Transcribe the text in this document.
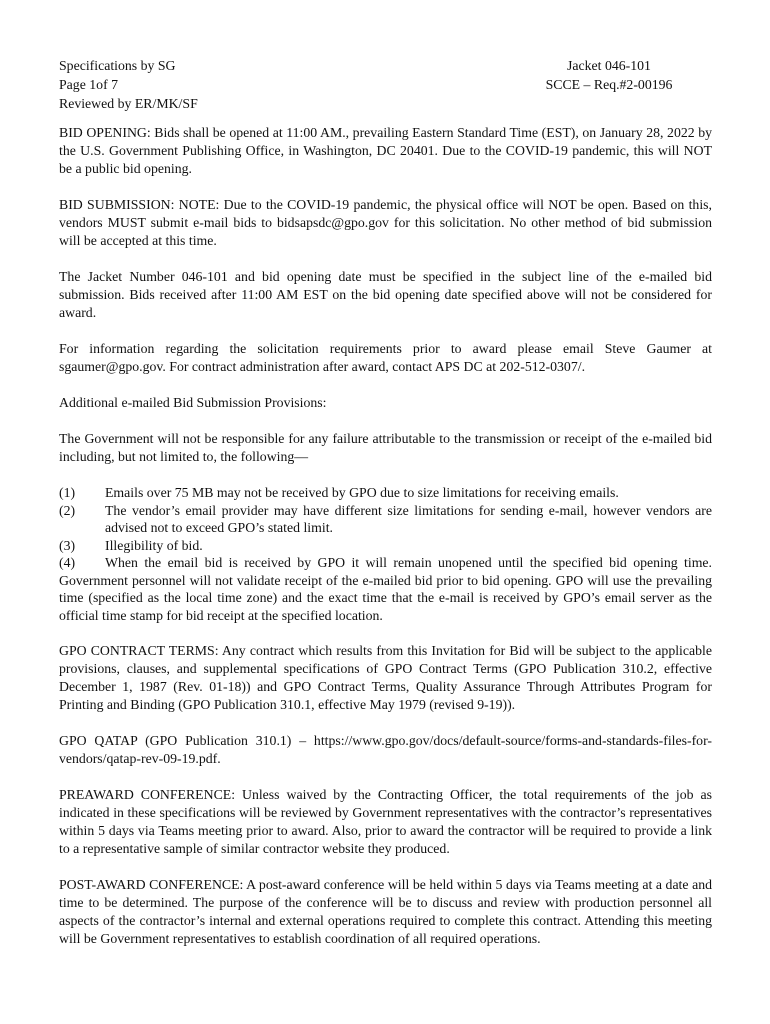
Specifications by SG
Page 1of 7
Reviewed by ER/MK/SF
Jacket 046-101
SCCE – Req.#2-00196

BID OPENING: Bids shall be opened at 11:00 AM., prevailing Eastern Standard Time (EST), on January 28, 2022 by the U.S. Government Publishing Office, in Washington, DC 20401. Due to the COVID-19 pandemic, this will NOT be a public bid opening.

BID SUBMISSION: NOTE: Due to the COVID-19 pandemic, the physical office will NOT be open. Based on this, vendors MUST submit e-mail bids to bidsapsdc@gpo.gov for this solicitation. No other method of bid submission will be accepted at this time.

The Jacket Number 046-101 and bid opening date must be specified in the subject line of the e-mailed bid submission. Bids received after 11:00 AM EST on the bid opening date specified above will not be considered for award.

For information regarding the solicitation requirements prior to award please email Steve Gaumer at sgaumer@gpo.gov. For contract administration after award, contact APS DC at 202-512-0307/.

Additional e-mailed Bid Submission Provisions:

The Government will not be responsible for any failure attributable to the transmission or receipt of the e-mailed bid including, but not limited to, the following—

(1) Emails over 75 MB may not be received by GPO due to size limitations for receiving emails.
(2) The vendor’s email provider may have different size limitations for sending e-mail, however vendors are advised not to exceed GPO’s stated limit.
(3) Illegibility of bid.
(4) When the email bid is received by GPO it will remain unopened until the specified bid opening time. Government personnel will not validate receipt of the e-mailed bid prior to bid opening. GPO will use the prevailing time (specified as the local time zone) and the exact time that the e-mail is received by GPO’s email server as the official time stamp for bid receipt at the specified location.

GPO CONTRACT TERMS: Any contract which results from this Invitation for Bid will be subject to the applicable provisions, clauses, and supplemental specifications of GPO Contract Terms (GPO Publication 310.2, effective December 1, 1987 (Rev. 01-18)) and GPO Contract Terms, Quality Assurance Through Attributes Program for Printing and Binding (GPO Publication 310.1, effective May 1979 (revised 9-19)).

GPO QATAP (GPO Publication 310.1) – https://www.gpo.gov/docs/default-source/forms-and-standards-files-for-vendors/qatap-rev-09-19.pdf.

PREAWARD CONFERENCE: Unless waived by the Contracting Officer, the total requirements of the job as indicated in these specifications will be reviewed by Government representatives with the contractor’s representatives within 5 days via Teams meeting prior to award. Also, prior to award the contractor will be required to provide a link to a representative sample of similar contractor website they produced.

POST-AWARD CONFERENCE: A post-award conference will be held within 5 days via Teams meeting at a date and time to be determined. The purpose of the conference will be to discuss and review with production personnel all aspects of the contractor’s internal and external operations required to complete this contract. Attending this meeting will be Government representatives to establish coordination of all required operations.
